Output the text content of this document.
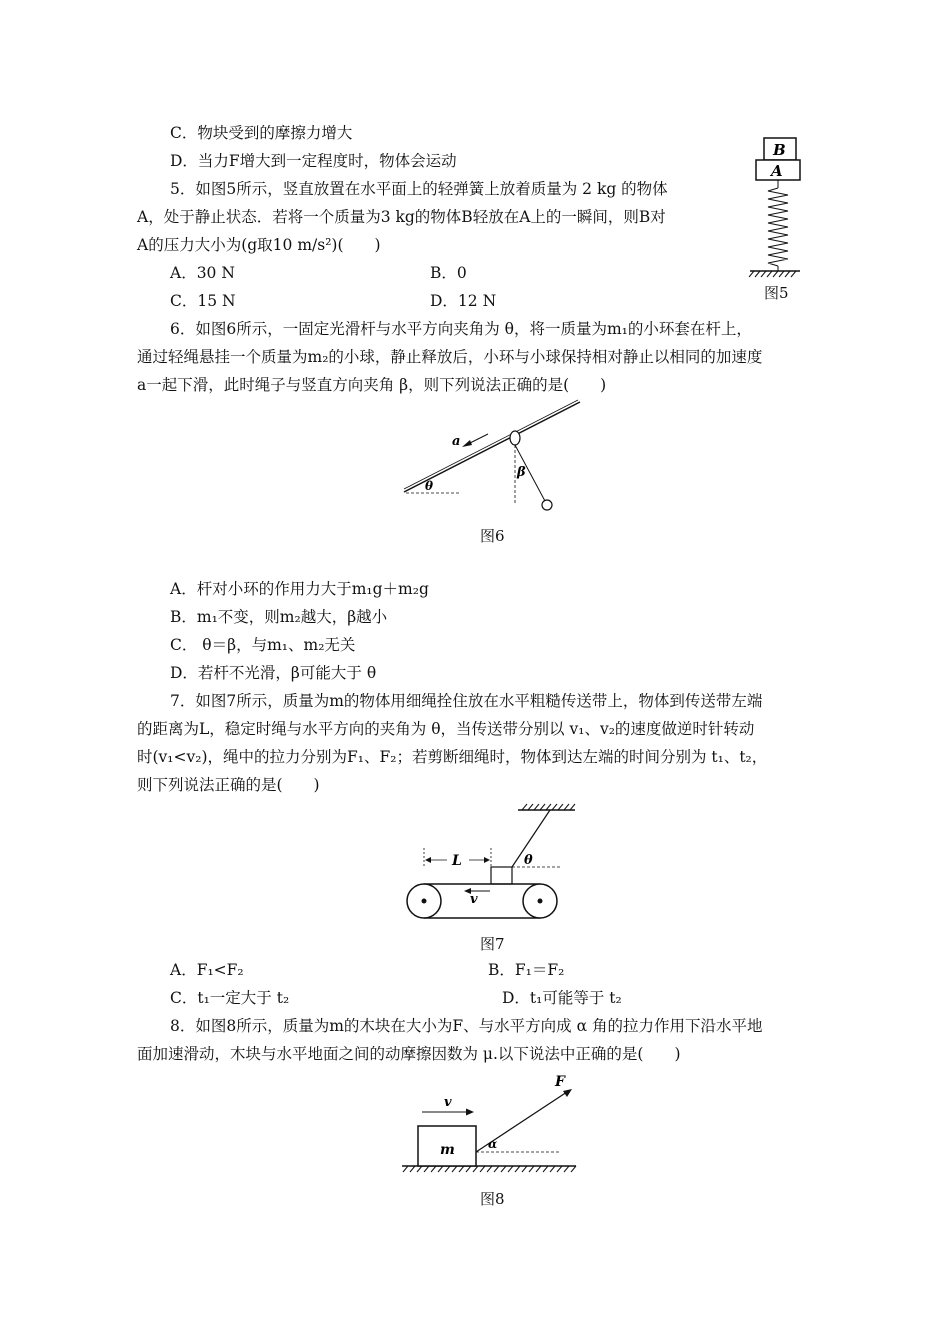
C．物块受到的摩擦力增大
D．当力F增大到一定程度时，物体会运动
5．如图5所示，竖直放置在水平面上的轻弹簧上放着质量为 2 kg 的物体
A，处于静止状态．若将一个质量为3 kg的物体B轻放在A上的一瞬间，则B对
A的压力大小为(g取10 m/s²)(　　)
A．30 N	B．0
C．15 N	D．12 N
B
A
图5
6．如图6所示，一固定光滑杆与水平方向夹角为 θ，将一质量为m₁的小环套在杆上，
通过轻绳悬挂一个质量为m₂的小球，静止释放后，小环与小球保持相对静止以相同的加速度
a一起下滑，此时绳子与竖直方向夹角 β，则下列说法正确的是(　　)
θ
β
a
图6
A．杆对小环的作用力大于m₁g＋m₂g
B．m₁不变，则m₂越大，β越小
C． θ＝β，与m₁、m₂无关
D．若杆不光滑，β可能大于 θ
7．如图7所示，质量为m的物体用细绳拴住放在水平粗糙传送带上，物体到传送带左端
的距离为L，稳定时绳与水平方向的夹角为 θ，当传送带分别以 v₁、v₂的速度做逆时针转动
时(v₁<v₂)，绳中的拉力分别为F₁、F₂；若剪断细绳时，物体到达左端的时间分别为 t₁、t₂，
则下列说法正确的是(　　)
θ
L
v
图7
A．F₁<F₂	B．F₁＝F₂
C．t₁一定大于 t₂	D．t₁可能等于 t₂
8．如图8所示，质量为m的木块在大小为F、与水平方向成 α 角的拉力作用下沿水平地
面加速滑动，木块与水平地面之间的动摩擦因数为 μ.以下说法中正确的是(　　)
v
m
F
α
图8
